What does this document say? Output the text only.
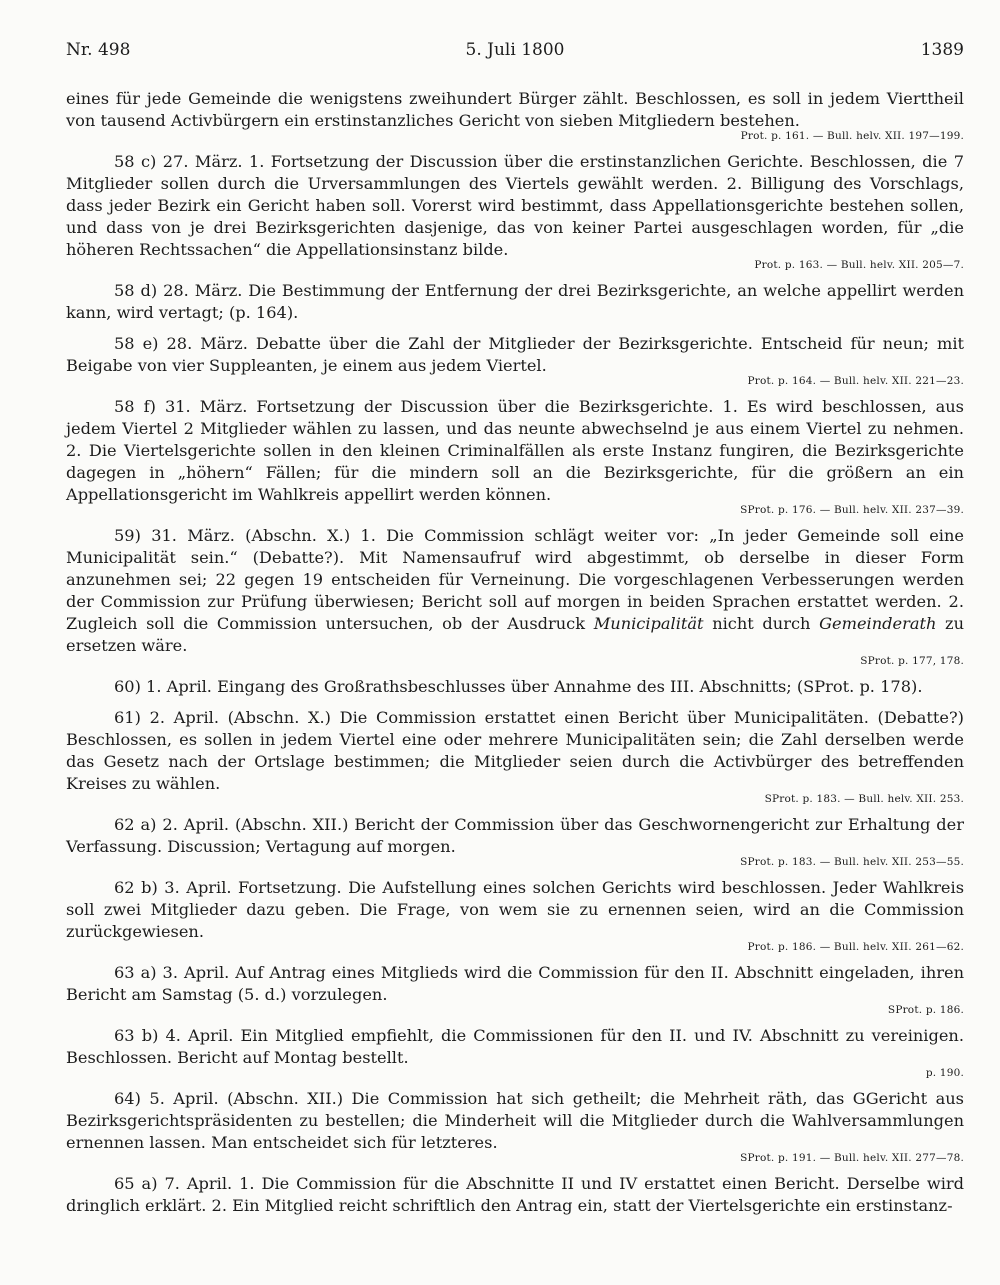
Nr. 498	5. Juli 1800	1389

eines für jede Gemeinde die wenigstens zweihundert Bürger zählt. Beschlossen, es soll in jedem Vierttheil von tausend Activbürgern ein erstinstanzliches Gericht von sieben Mitgliedern bestehen.
Prot. p. 161. — Bull. helv. XII. 197—199.

58 c) 27. März. 1. Fortsetzung der Discussion über die erstinstanzlichen Gerichte. Beschlossen, die 7 Mitglieder sollen durch die Urversammlungen des Viertels gewählt werden. 2. Billigung des Vorschlags, dass jeder Bezirk ein Gericht haben soll. Vorerst wird bestimmt, dass Appellationsgerichte bestehen sollen, und dass von je drei Bezirksgerichten dasjenige, das von keiner Partei ausgeschlagen worden, für „die höheren Rechtssachen“ die Appellationsinstanz bilde.
Prot. p. 163. — Bull. helv. XII. 205—7.

58 d) 28. März. Die Bestimmung der Entfernung der drei Bezirksgerichte, an welche appellirt werden kann, wird vertagt; (p. 164).

58 e) 28. März. Debatte über die Zahl der Mitglieder der Bezirksgerichte. Entscheid für neun; mit Beigabe von vier Suppleanten, je einem aus jedem Viertel.
Prot. p. 164. — Bull. helv. XII. 221—23.

58 f) 31. März. Fortsetzung der Discussion über die Bezirksgerichte. 1. Es wird beschlossen, aus jedem Viertel 2 Mitglieder wählen zu lassen, und das neunte abwechselnd je aus einem Viertel zu nehmen. 2. Die Viertelsgerichte sollen in den kleinen Criminalfällen als erste Instanz fungiren, die Bezirksgerichte dagegen in „höhern“ Fällen; für die mindern soll an die Bezirksgerichte, für die größern an ein Appellationsgericht im Wahlkreis appellirt werden können.
SProt. p. 176. — Bull. helv. XII. 237—39.

59) 31. März. (Abschn. X.) 1. Die Commission schlägt weiter vor: „In jeder Gemeinde soll eine Municipalität sein.“ (Debatte?). Mit Namensaufruf wird abgestimmt, ob derselbe in dieser Form anzunehmen sei; 22 gegen 19 entscheiden für Verneinung. Die vorgeschlagenen Verbesserungen werden der Commission zur Prüfung überwiesen; Bericht soll auf morgen in beiden Sprachen erstattet werden. 2. Zugleich soll die Commission untersuchen, ob der Ausdruck Municipalität nicht durch Gemeinderath zu ersetzen wäre.
SProt. p. 177, 178.

60) 1. April. Eingang des Großrathsbeschlusses über Annahme des III. Abschnitts; (SProt. p. 178).

61) 2. April. (Abschn. X.) Die Commission erstattet einen Bericht über Municipalitäten. (Debatte?) Beschlossen, es sollen in jedem Viertel eine oder mehrere Municipalitäten sein; die Zahl derselben werde das Gesetz nach der Ortslage bestimmen; die Mitglieder seien durch die Activbürger des betreffenden Kreises zu wählen.
SProt. p. 183. — Bull. helv. XII. 253.

62 a) 2. April. (Abschn. XII.) Bericht der Commission über das Geschwornengericht zur Erhaltung der Verfassung. Discussion; Vertagung auf morgen.
SProt. p. 183. — Bull. helv. XII. 253—55.

62 b) 3. April. Fortsetzung. Die Aufstellung eines solchen Gerichts wird beschlossen. Jeder Wahlkreis soll zwei Mitglieder dazu geben. Die Frage, von wem sie zu ernennen seien, wird an die Commission zurückgewiesen.
Prot. p. 186. — Bull. helv. XII. 261—62.

63 a) 3. April. Auf Antrag eines Mitglieds wird die Commission für den II. Abschnitt eingeladen, ihren Bericht am Samstag (5. d.) vorzulegen.
SProt. p. 186.

63 b) 4. April. Ein Mitglied empfiehlt, die Commissionen für den II. und IV. Abschnitt zu vereinigen. Beschlossen. Bericht auf Montag bestellt.
p. 190.

64) 5. April. (Abschn. XII.) Die Commission hat sich getheilt; die Mehrheit räth, das GGericht aus Bezirksgerichtspräsidenten zu bestellen; die Minderheit will die Mitglieder durch die Wahlversammlungen ernennen lassen. Man entscheidet sich für letzteres.
SProt. p. 191. — Bull. helv. XII. 277—78.

65 a) 7. April. 1. Die Commission für die Abschnitte II und IV erstattet einen Bericht. Derselbe wird dringlich erklärt. 2. Ein Mitglied reicht schriftlich den Antrag ein, statt der Viertelsgerichte ein erstinstanz-
